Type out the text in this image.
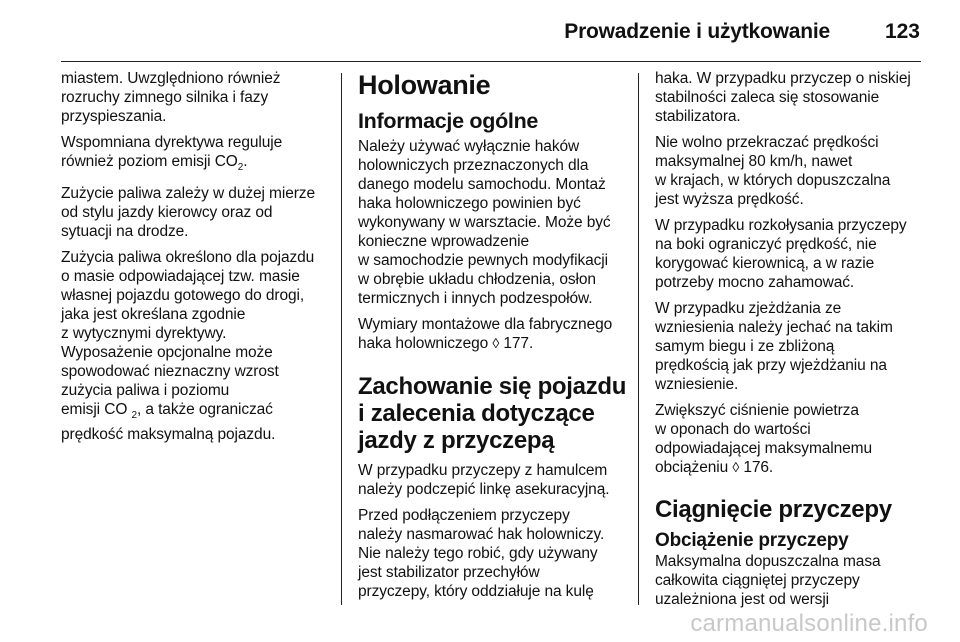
Prowadzenie i użytkowanie	123

miastem. Uwzględniono również
rozruchy zimnego silnika i fazy
przyspieszania.

Wspomniana dyrektywa reguluje
również poziom emisji $CO_2$.

Zużycie paliwa zależy w dużej mierze
od stylu jazdy kierowcy oraz od
sytuacji na drodze.

Zużycia paliwa określono dla pojazdu
o masie odpowiadającej tzw. masie
własnej pojazdu gotowego do drogi,
jaka jest określana zgodnie
z wytycznymi dyrektywy.
Wyposażenie opcjonalne może
spowodować nieznaczny wzrost
zużycia paliwa i poziomu
emisji CO $_2$, a także ograniczać
prędkość maksymalną pojazdu.

Holowanie
Informacje ogólne

Należy używać wyłącznie haków
holowniczych przeznaczonych dla
danego modelu samochodu. Montaż
haka holowniczego powinien być
wykonywany w warsztacie. Może być
konieczne wprowadzenie
w samochodzie pewnych modyfikacji
w obrębie układu chłodzenia, osłon
termicznych i innych podzespołów.

Wymiary montażowe dla fabrycznego
haka holowniczego ◊ 177.

Zachowanie się pojazdu
i zalecenia dotyczące
jazdy z przyczepą

W przypadku przyczepy z hamulcem
należy podczepić linkę asekuracyjną.

Przed podłączeniem przyczepy
należy nasmarować hak holowniczy.
Nie należy tego robić, gdy używany
jest stabilizator przechyłów
przyczepy, który oddziałuje na kulę

haka. W przypadku przyczep o niskiej
stabilności zaleca się stosowanie
stabilizatora.

Nie wolno przekraczać prędkości
maksymalnej 80 km/h, nawet
w krajach, w których dopuszczalna
jest wyższa prędkość.

W przypadku rozkołysania przyczepy
na boki ograniczyć prędkość, nie
korygować kierownicą, a w razie
potrzeby mocno zahamować.

W przypadku zjeżdżania ze
wzniesienia należy jechać na takim
samym biegu i ze zbliżoną
prędkością jak przy wjeżdżaniu na
wzniesienie.

Zwiększyć ciśnienie powietrza
w oponach do wartości
odpowiadającej maksymalnemu
obciążeniu ◊ 176.

Ciągnięcie przyczepy
Obciążenie przyczepy

Maksymalna dopuszczalna masa
całkowita ciągniętej przyczepy
uzależniona jest od wersji

carmanualsonline.info
